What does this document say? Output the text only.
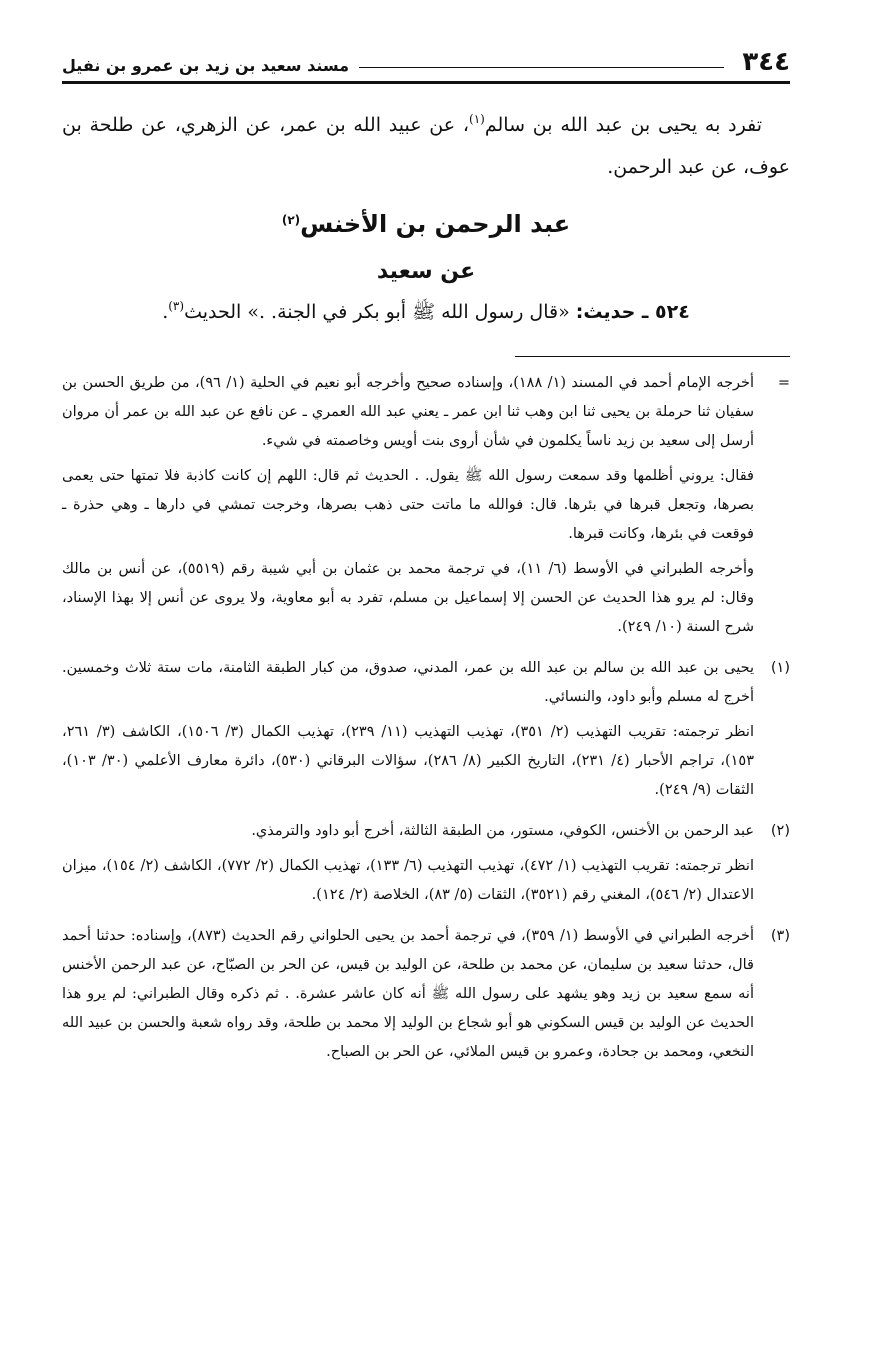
٣٤٤
مسند سعيد بن زيد بن عمرو بن نفيل

تفرد به يحيى بن عبد الله بن سالم$^{(١)}$، عن عبيد الله بن عمر، عن الزهري، عن طلحة بن عوف، عن عبد الرحمن.

عبد الرحمن بن الأخنس$^{(٢)}$
عن سعيد
٥٢٤ ـ حديث: «قال رسول الله ﷺ أبو بكر في الجنة. .» الحديث$^{(٣)}$.
=

أخرجه الإمام أحمد في المسند (١/ ١٨٨)، وإسناده صحيح وأخرجه أبو نعيم في الحلية (١/ ٩٦)، من طريق الحسن بن سفيان ثنا حرملة بن يحيى ثنا ابن وهب ثنا ابن عمر ـ يعني عبد الله العمري ـ عن نافع عن عبد الله بن عمر أن مروان أرسل إلى سعيد بن زيد ناساً يكلمون في شأن أروى بنت أويس وخاصمته في شيء.

فقال: يروني أظلمها وقد سمعت رسول الله ﷺ يقول. . الحديث ثم قال: اللهم إن كانت كاذبة فلا تمتها حتى يعمى بصرها، وتجعل قبرها في بئرها. قال: فوالله ما ماتت حتى ذهب بصرها، وخرجت تمشي في دارها ـ وهي حذرة ـ فوقعت في بئرها، وكانت قبرها.

وأخرجه الطبراني في الأوسط (٦/ ١١)، في ترجمة محمد بن عثمان بن أبي شيبة رقم (٥٥١٩)، عن أنس بن مالك وقال: لم يرو هذا الحديث عن الحسن إلا إسماعيل بن مسلم، تفرد به أبو معاوية، ولا يروى عن أنس إلا بهذا الإسناد، شرح السنة (١٠/ ٢٤٩).

(١)

يحيى بن عبد الله بن سالم بن عبد الله بن عمر، المدني، صدوق، من كبار الطبقة الثامنة، مات ستة ثلاث وخمسين. أخرج له مسلم وأبو داود، والنسائي.

انظر ترجمته: تقريب التهذيب (٢/ ٣٥١)، تهذيب التهذيب (١١/ ٢٣٩)، تهذيب الكمال (٣/ ١٥٠٦)، الكاشف (٣/ ٢٦١، ١٥٣)، تراجم الأحبار (٤/ ٢٣١)، التاريخ الكبير (٨/ ٢٨٦)، سؤالات البرقاني (٥٣٠)، دائرة معارف الأعلمي (٣٠/ ١٠٣)، الثقات (٩/ ٢٤٩).

(٢)

عبد الرحمن بن الأخنس، الكوفي، مستور، من الطبقة الثالثة، أخرج أبو داود والترمذي.

انظر ترجمته: تقريب التهذيب (١/ ٤٧٢)، تهذيب التهذيب (٦/ ١٣٣)، تهذيب الكمال (٢/ ٧٧٢)، الكاشف (٢/ ١٥٤)، ميزان الاعتدال (٢/ ٥٤٦)، المغني رقم (٣٥٢١)، الثقات (٥/ ٨٣)، الخلاصة (٢/ ١٢٤).

(٣)

أخرجه الطبراني في الأوسط (١/ ٣٥٩)، في ترجمة أحمد بن يحيى الحلواني رقم الحديث (٨٧٣)، وإسناده: حدثنا أحمد قال، حدثنا سعيد بن سليمان، عن محمد بن طلحة، عن الوليد بن قيس، عن الحر بن الصبّاح، عن عبد الرحمن الأخنس أنه سمع سعيد بن زيد وهو يشهد على رسول الله ﷺ أنه كان عاشر عشرة. . ثم ذكره وقال الطبراني: لم يرو هذا الحديث عن الوليد بن قيس السكوني هو أبو شجاع بن الوليد إلا محمد بن طلحة، وقد رواه شعبة والحسن بن عبيد الله النخعي، ومحمد بن جحادة، وعمرو بن قيس الملائي، عن الحر بن الصباح.
